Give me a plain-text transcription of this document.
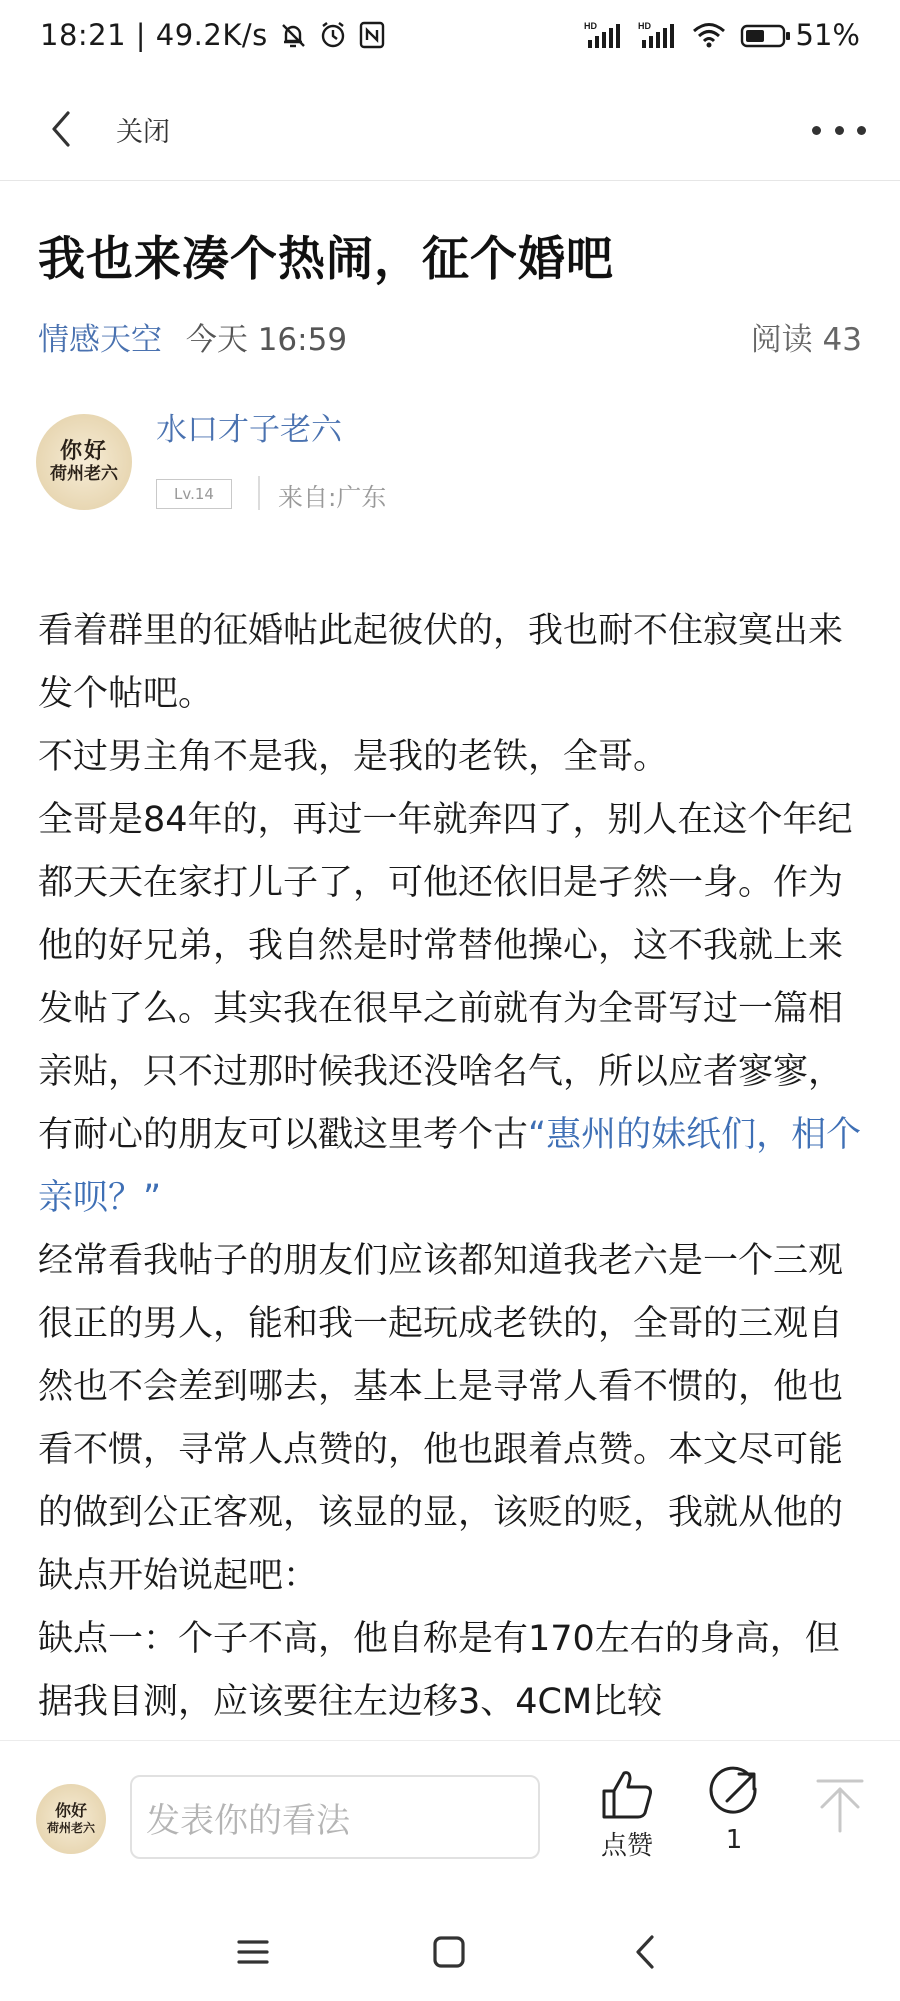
18:21 | 49.2K/s	HD	HD	51%
关闭
我也来凑个热闹，征个婚吧
情感天空 今天 16:59	阅读 43
你好
荷州老六
水口才子老六
Lv.14	来自:广东

看着群里的征婚帖此起彼伏的，我也耐不住寂寞出来发个帖吧。

不过男主角不是我，是我的老铁，全哥。

全哥是84年的，再过一年就奔四了，别人在这个年纪都天天在家打儿子了，可他还依旧是孑然一身。作为他的好兄弟，我自然是时常替他操心，这不我就上来发帖了么。其实我在很早之前就有为全哥写过一篇相亲贴，只不过那时候我还没啥名气，所以应者寥寥，有耐心的朋友可以戳这里考个古“惠州的妹纸们，相个亲呗？”

经常看我帖子的朋友们应该都知道我老六是一个三观很正的男人，能和我一起玩成老铁的，全哥的三观自然也不会差到哪去，基本上是寻常人看不惯的，他也看不惯，寻常人点赞的，他也跟着点赞。本文尽可能的做到公正客观，该显的显，该贬的贬，我就从他的缺点开始说起吧：

缺点一：个子不高，他自称是有170左右的身高，但据我目测，应该要往左边移3、4CM比较

你好
荷州老六 发表你的看法
点赞	1
